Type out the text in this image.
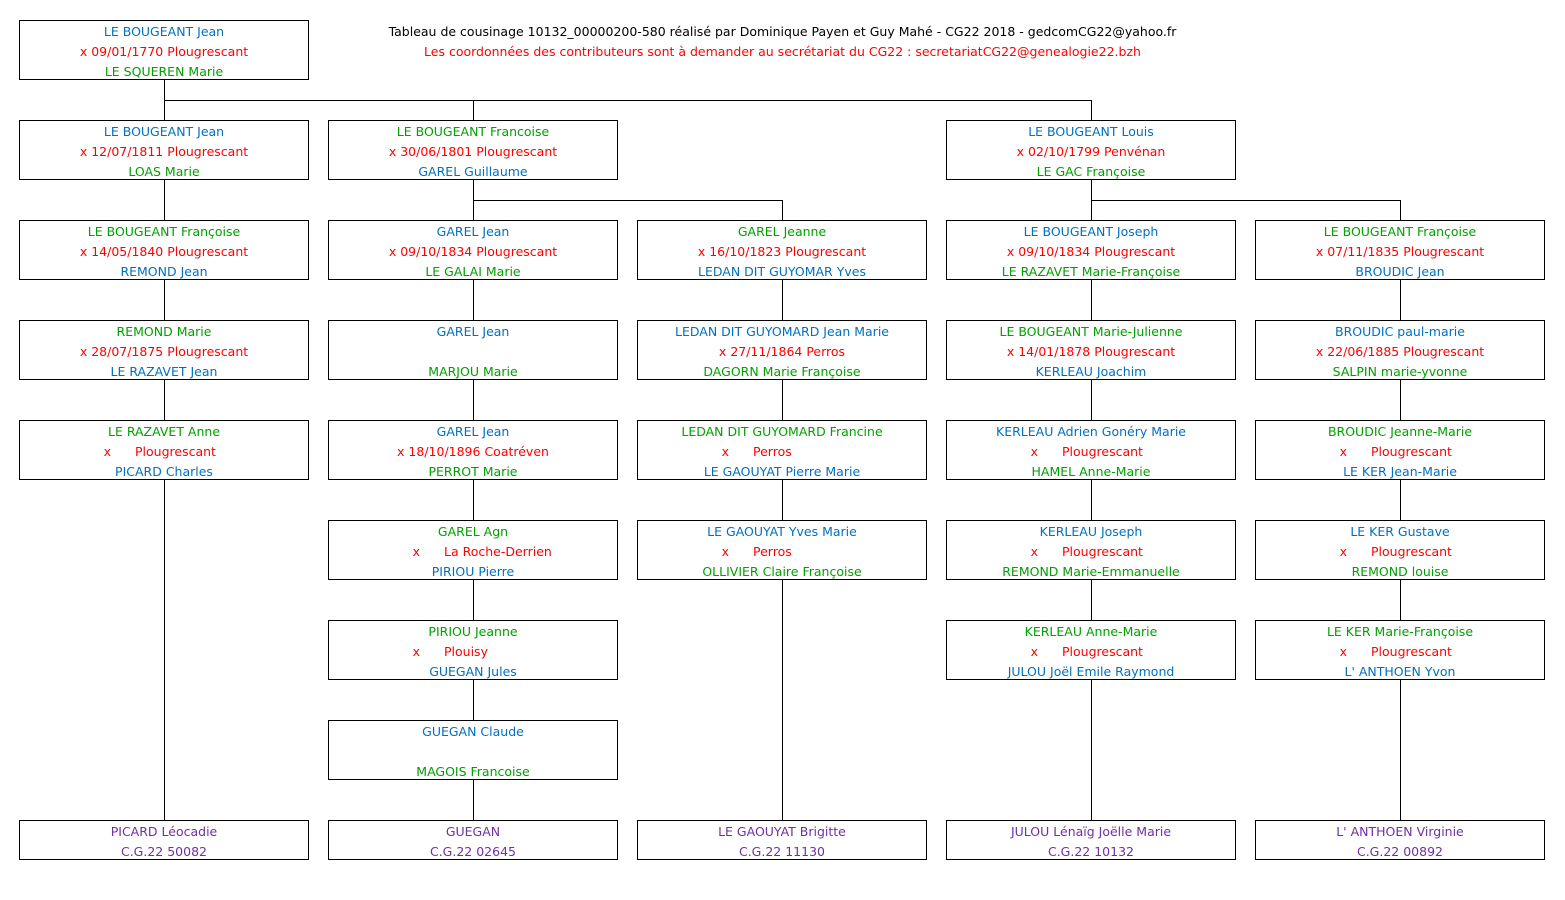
Tableau de cousinage 10132_00000200-580 réalisé par Dominique Payen et Guy Mahé - CG22 2018 - gedcomCG22@yahoo.fr
Les coordonnées des contributeurs sont à demander au secrétariat du CG22 : secretariatCG22@genealogie22.bzh
LE BOUGEANT Jean
x 09/01/1770 Plougrescant
LE SQUEREN Marie
LE BOUGEANT Jean
x 12/07/1811 Plougrescant
LOAS Marie
LE BOUGEANT Françoise
x 14/05/1840 Plougrescant
REMOND Jean
REMOND Marie
x 28/07/1875 Plougrescant
LE RAZAVET Jean
LE RAZAVET Anne
x Plougrescant
PICARD Charles
LE BOUGEANT Francoise
x 30/06/1801 Plougrescant
GAREL Guillaume
GAREL Jean
x 09/10/1834 Plougrescant
LE GALAI Marie
GAREL Jean
MARJOU Marie
GAREL Jean
x 18/10/1896 Coatréven
PERROT Marie
GAREL Agn
x La Roche-Derrien
PIRIOU Pierre
PIRIOU Jeanne
x Plouisy
GUEGAN Jules
GUEGAN Claude
MAGOIS Francoise
GAREL Jeanne
x 16/10/1823 Plougrescant
LEDAN DIT GUYOMAR Yves
LEDAN DIT GUYOMARD Jean Marie
x 27/11/1864 Perros
DAGORN Marie Françoise
LEDAN DIT GUYOMARD Francine
x Perros
LE GAOUYAT Pierre Marie
LE GAOUYAT Yves Marie
x Perros
OLLIVIER Claire Françoise
LE BOUGEANT Louis
x 02/10/1799 Penvénan
LE GAC Françoise
LE BOUGEANT Joseph
x 09/10/1834 Plougrescant
LE RAZAVET Marie-Françoise
LE BOUGEANT Marie-Julienne
x 14/01/1878 Plougrescant
KERLEAU Joachim
KERLEAU Adrien Gonéry Marie
x Plougrescant
HAMEL Anne-Marie
KERLEAU Joseph
x Plougrescant
REMOND Marie-Emmanuelle
KERLEAU Anne-Marie
x Plougrescant
JULOU Joël Emile Raymond
LE BOUGEANT Françoise
x 07/11/1835 Plougrescant
BROUDIC Jean
BROUDIC paul-marie
x 22/06/1885 Plougrescant
SALPIN marie-yvonne
BROUDIC Jeanne-Marie
x Plougrescant
LE KER Jean-Marie
LE KER Gustave
x Plougrescant
REMOND louise
LE KER Marie-Françoise
x Plougrescant
L' ANTHOEN Yvon
PICARD Léocadie
C.G.22 50082
GUEGAN
C.G.22 02645
LE GAOUYAT Brigitte
C.G.22 11130
JULOU Lénaïg Joëlle Marie
C.G.22 10132
L' ANTHOEN Virginie
C.G.22 00892
